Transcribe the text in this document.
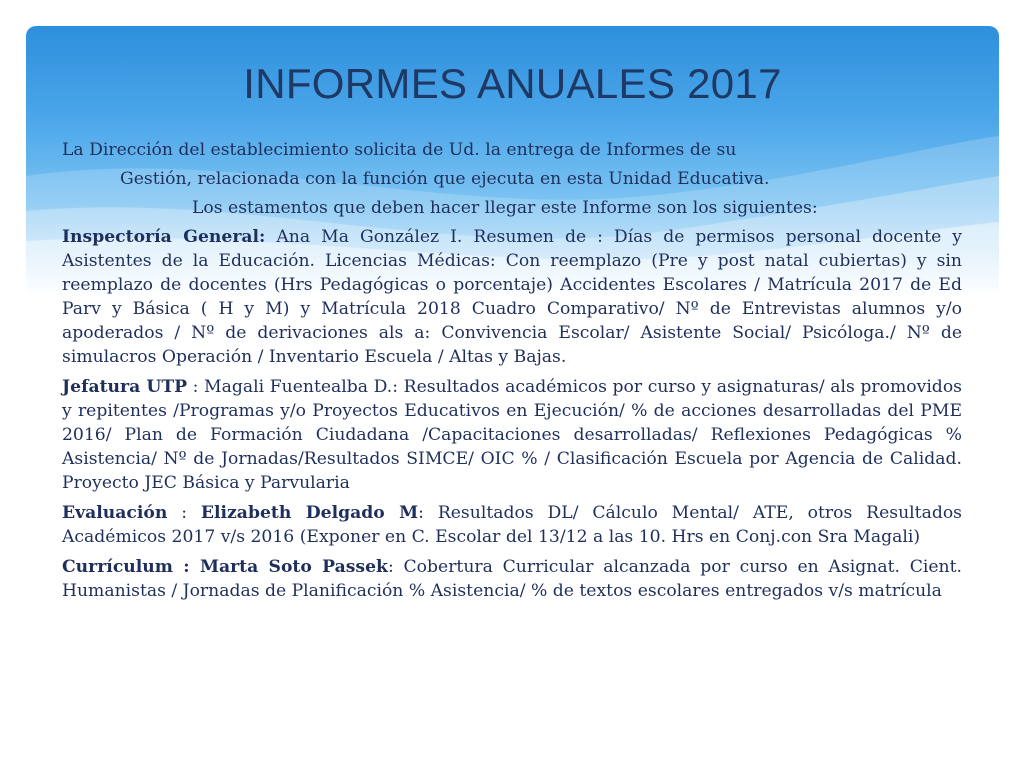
INFORMES ANUALES 2017

La Dirección del establecimiento solicita de Ud. la entrega de Informes de su

Gestión, relacionada con la función que ejecuta en esta Unidad Educativa.

Los estamentos que deben hacer llegar este Informe son los siguientes:

Inspectoría General: Ana Ma González I. Resumen de : Días de permisos personal docente y Asistentes de la Educación. Licencias Médicas: Con reemplazo (Pre y post natal cubiertas) y sin reemplazo de docentes (Hrs Pedagógicas o porcentaje) Accidentes Escolares / Matrícula 2017 de Ed Parv y Básica ( H y M) y Matrícula 2018 Cuadro Comparativo/ Nº de Entrevistas alumnos y/o apoderados / Nº de derivaciones als a: Convivencia Escolar/ Asistente Social/ Psicóloga./ Nº de simulacros Operación / Inventario Escuela / Altas y Bajas.

Jefatura UTP : Magali Fuentealba D.: Resultados académicos por curso y asignaturas/ als promovidos y repitentes /Programas y/o Proyectos Educativos en Ejecución/ % de acciones desarrolladas del PME 2016/ Plan de Formación Ciudadana /Capacitaciones desarrolladas/ Reflexiones Pedagógicas % Asistencia/ Nº de Jornadas/Resultados SIMCE/ OIC % / Clasificación Escuela por Agencia de Calidad. Proyecto JEC Básica y Parvularia

Evaluación : Elizabeth Delgado M: Resultados DL/ Cálculo Mental/ ATE, otros Resultados Académicos 2017 v/s 2016 (Exponer en C. Escolar del 13/12 a las 10. Hrs en Conj.con Sra Magali)

Currículum : Marta Soto Passek: Cobertura Curricular alcanzada por curso en Asignat. Cient. Humanistas / Jornadas de Planificación % Asistencia/ % de textos escolares entregados v/s matrícula
